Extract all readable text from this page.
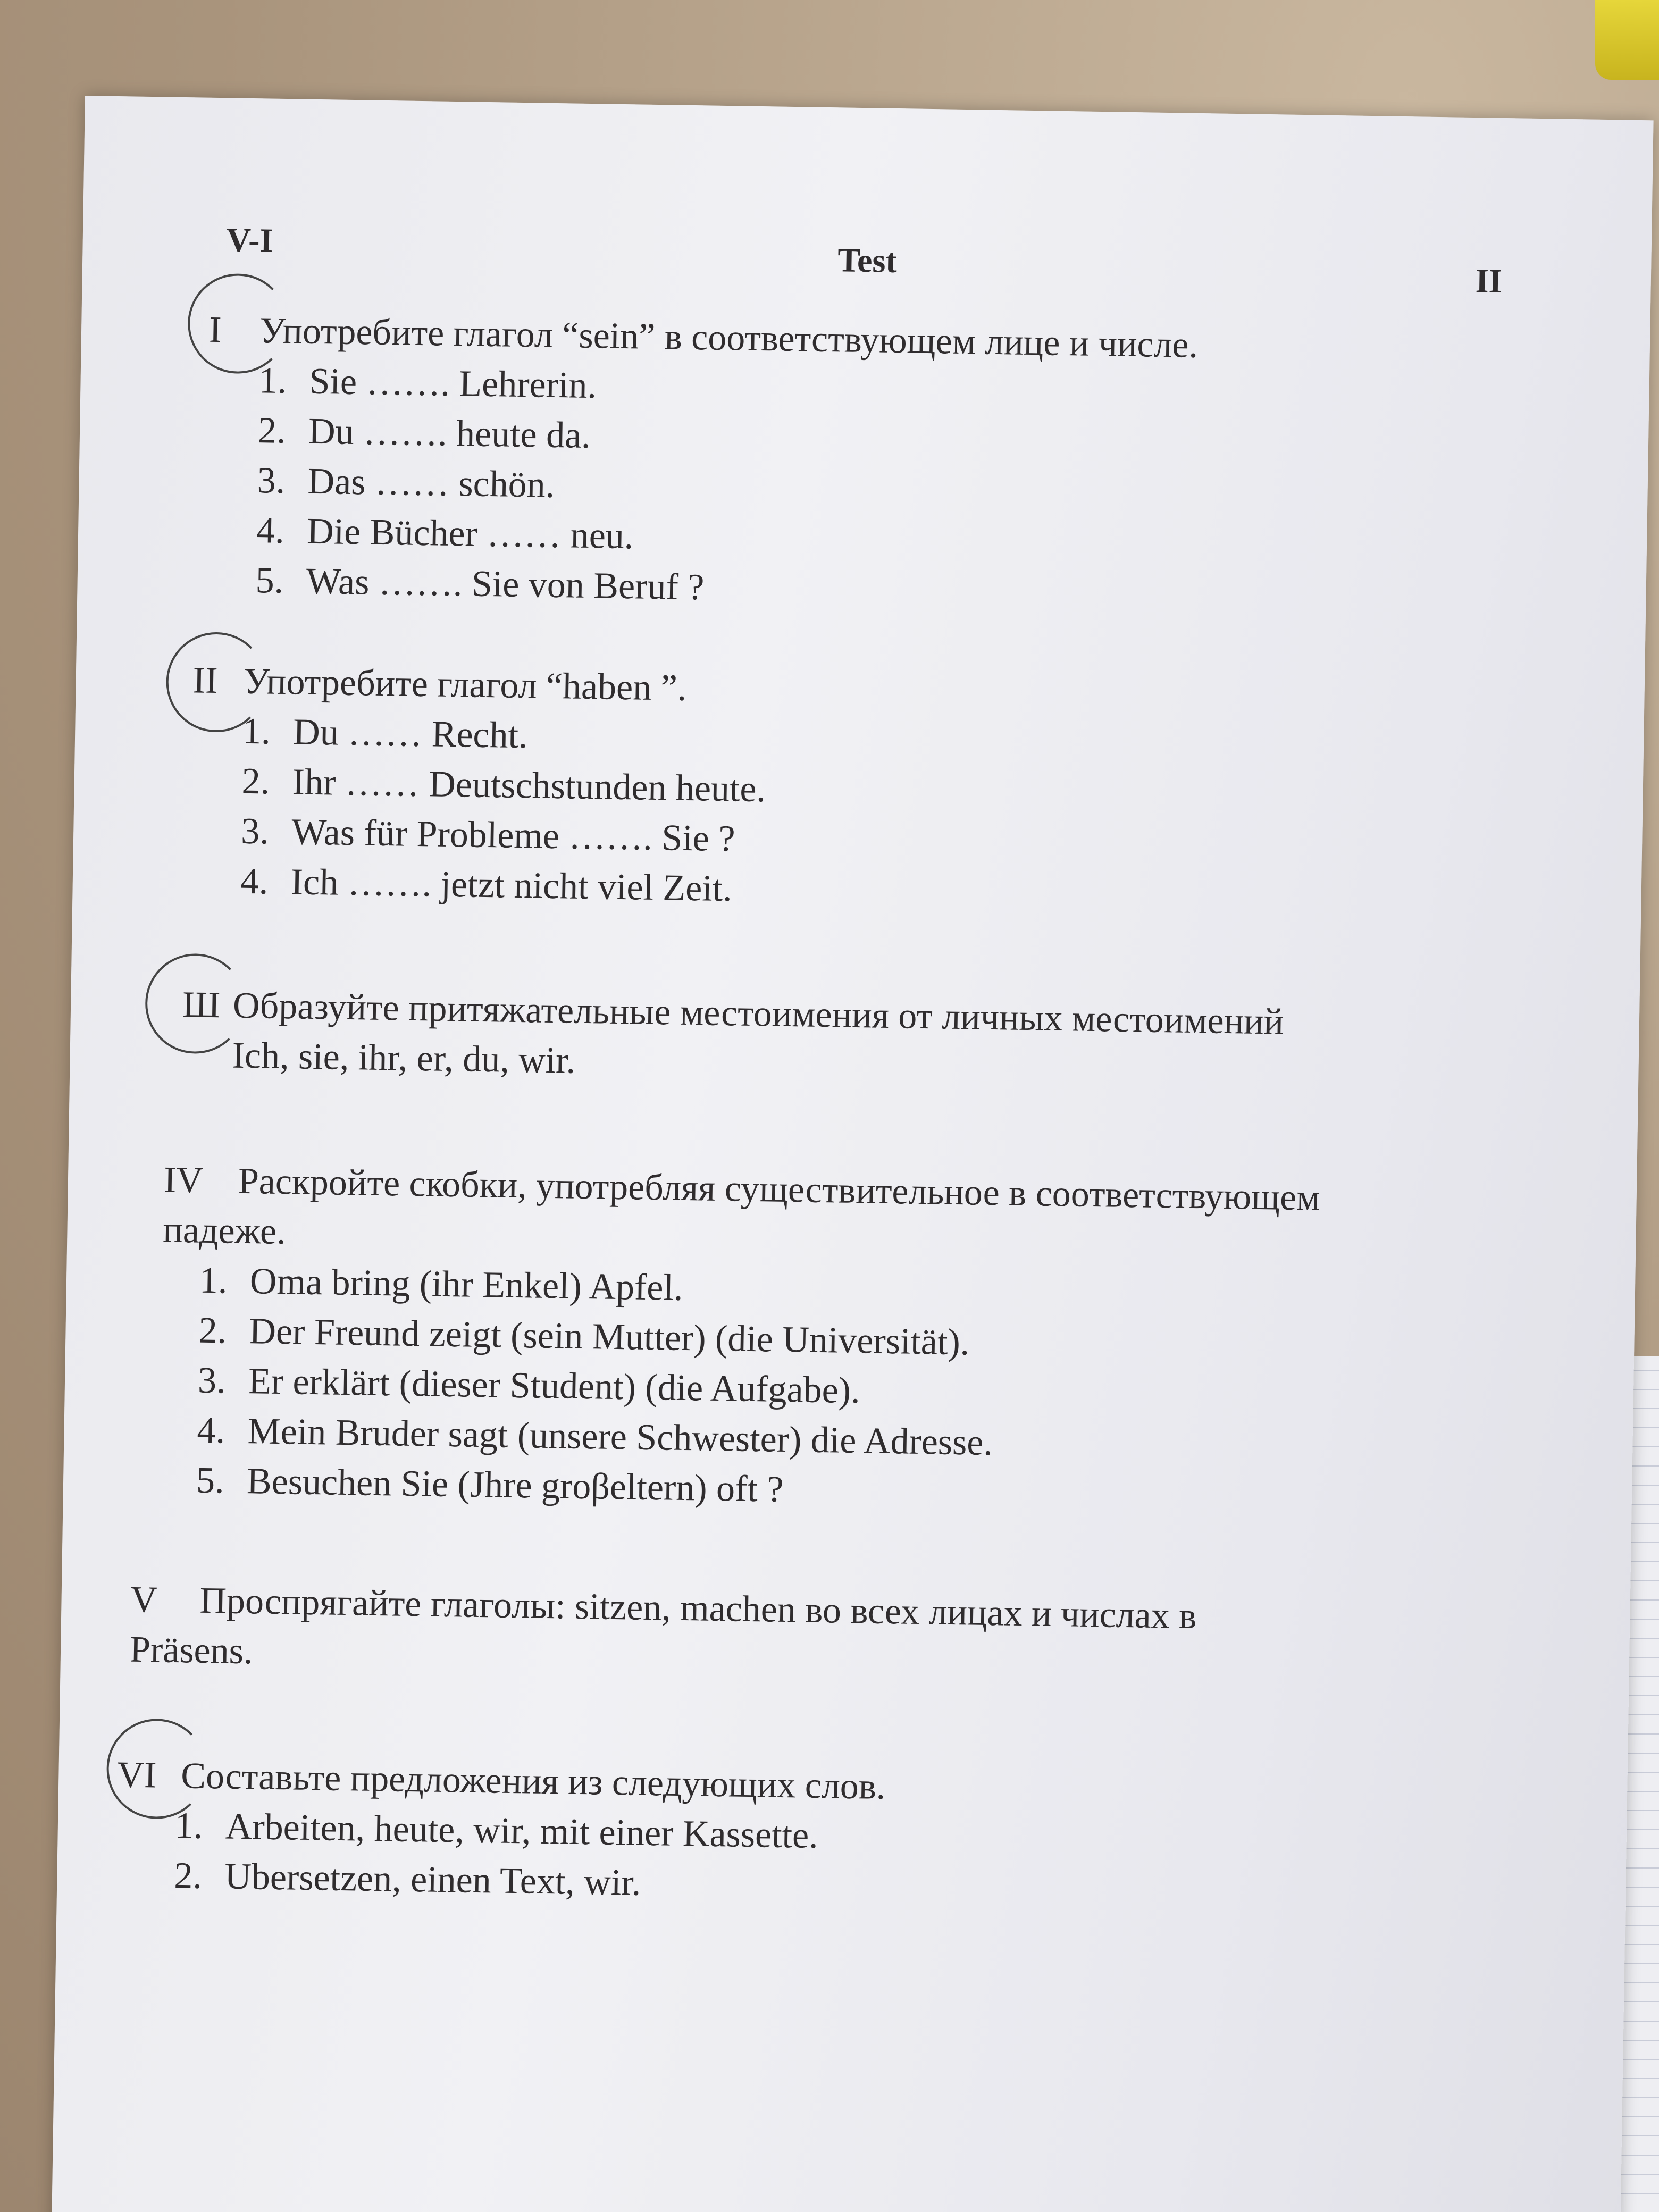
V-I
Test
II
I Употребите глагол “sein” в соответствующем лице и числе.
1. Sie ……. Lehrerin.
2. Du ……. heute da.
3. Das …… schön.
4. Die Bücher …… neu.
5. Was ……. Sie von Beruf ?
II Употребите глагол “haben ”.
1. Du …… Recht.
2. Ihr …… Deutschstunden heute.
3. Was für Probleme ……. Sie ?
4. Ich ……. jetzt nicht viel Zeit.
Ш Образуйте притяжательные местоимения от личных местоимений
Ich, sie, ihr, er, du, wir.
IV Раскройте скобки, употребляя существительное в соответствующем
падеже.
1. Oma bring (ihr Enkel) Apfel.
2. Der Freund zeigt (sein Mutter) (die Universität).
3. Er erklärt (dieser Student) (die Aufgabe).
4. Mein Bruder sagt (unsere Schwester) die Adresse.
5. Besuchen Sie (Jhre groβeltern) oft ?
V Проспрягайте глаголы: sitzen, machen во всех лицах и числах в
Präsens.
VI Составьте предложения из следующих слов.
1. Arbeiten, heute, wir, mit einer Kassette.
2. Ubersetzen, einen Text, wir.
